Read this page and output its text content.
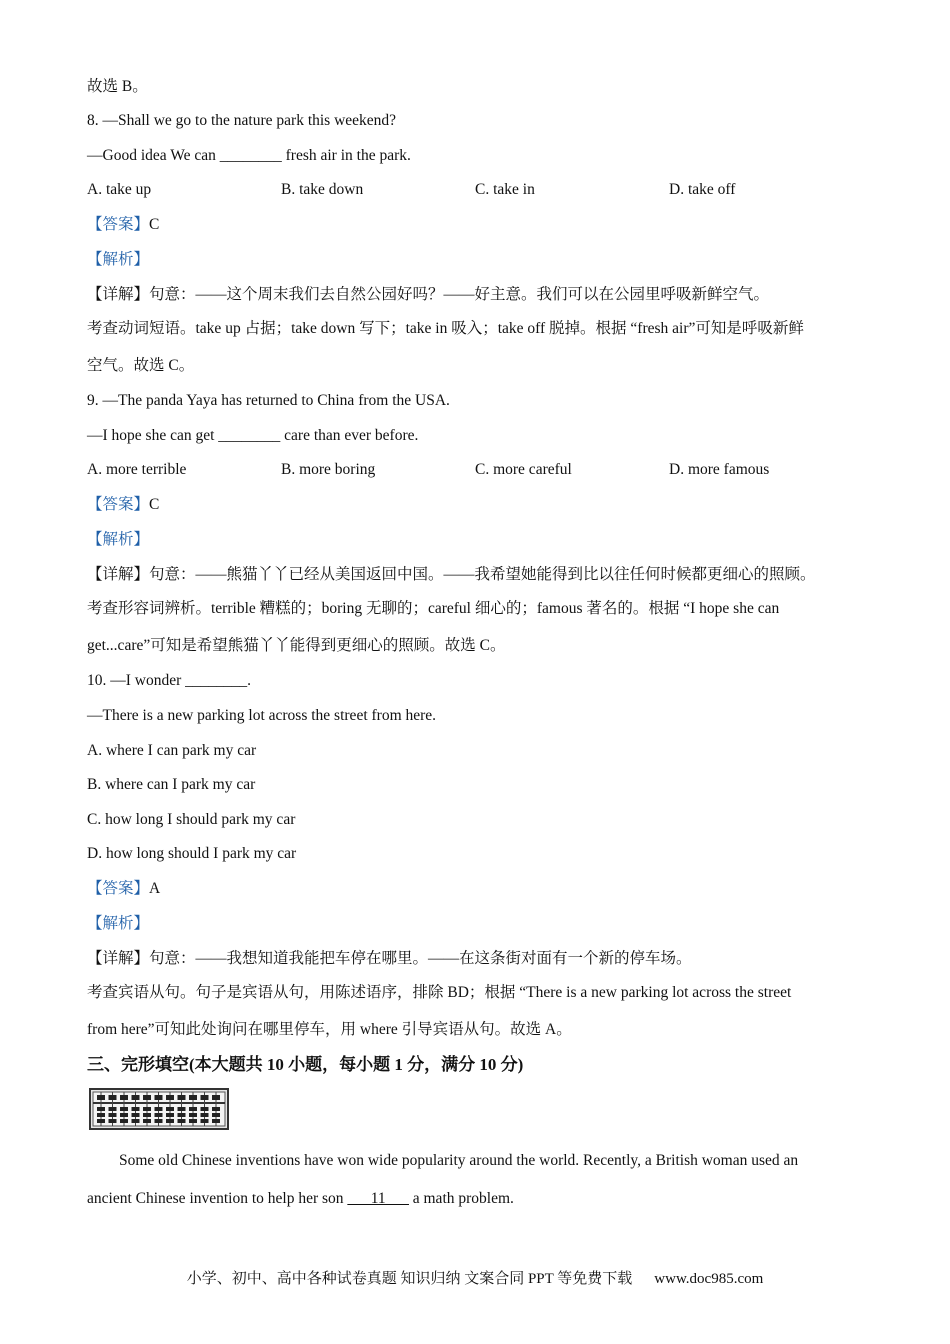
故选 B。
8. —Shall we go to the nature park this weekend?
—Good idea We can ________ fresh air in the park.
A. take up	B. take down	C. take in	D. take off
【答案】C
【解析】
【详解】句意：——这个周末我们去自然公园好吗？——好主意。我们可以在公园里呼吸新鲜空气。
考查动词短语。take up 占据；take down 写下；take in 吸入；take off 脱掉。根据 “fresh air”可知是呼吸新鲜
空气。故选 C。
9. —The panda Yaya has returned to China from the USA.
—I hope she can get ________ care than ever before.
A. more terrible	B. more boring	C. more careful	D. more famous
【答案】C
【解析】
【详解】句意：——熊猫丫丫已经从美国返回中国。——我希望她能得到比以往任何时候都更细心的照顾。
考查形容词辨析。terrible 糟糕的；boring 无聊的；careful 细心的；famous 著名的。根据 “I hope she can
get...care”可知是希望熊猫丫丫能得到更细心的照顾。故选 C。
10. —I wonder ________.
—There is a new parking lot across the street from here.
A. where I can park my car
B. where can I park my car
C. how long I should park my car
D. how long should I park my car
【答案】A
【解析】
【详解】句意：——我想知道我能把车停在哪里。——在这条街对面有一个新的停车场。
考查宾语从句。句子是宾语从句，用陈述语序，排除 BD；根据 “There is a new parking lot across the street
from here”可知此处询问在哪里停车，用 where 引导宾语从句。故选 A。
三、完形填空(本大题共 10 小题，每小题 1 分，满分 10 分)
Some old Chinese inventions have won wide popularity around the world. Recently, a British woman used an
ancient Chinese invention to help her son ___11___ a math problem.
小学、初中、高中各种试卷真题 知识归纳 文案合同 PPT 等免费下载 www.doc985.com
